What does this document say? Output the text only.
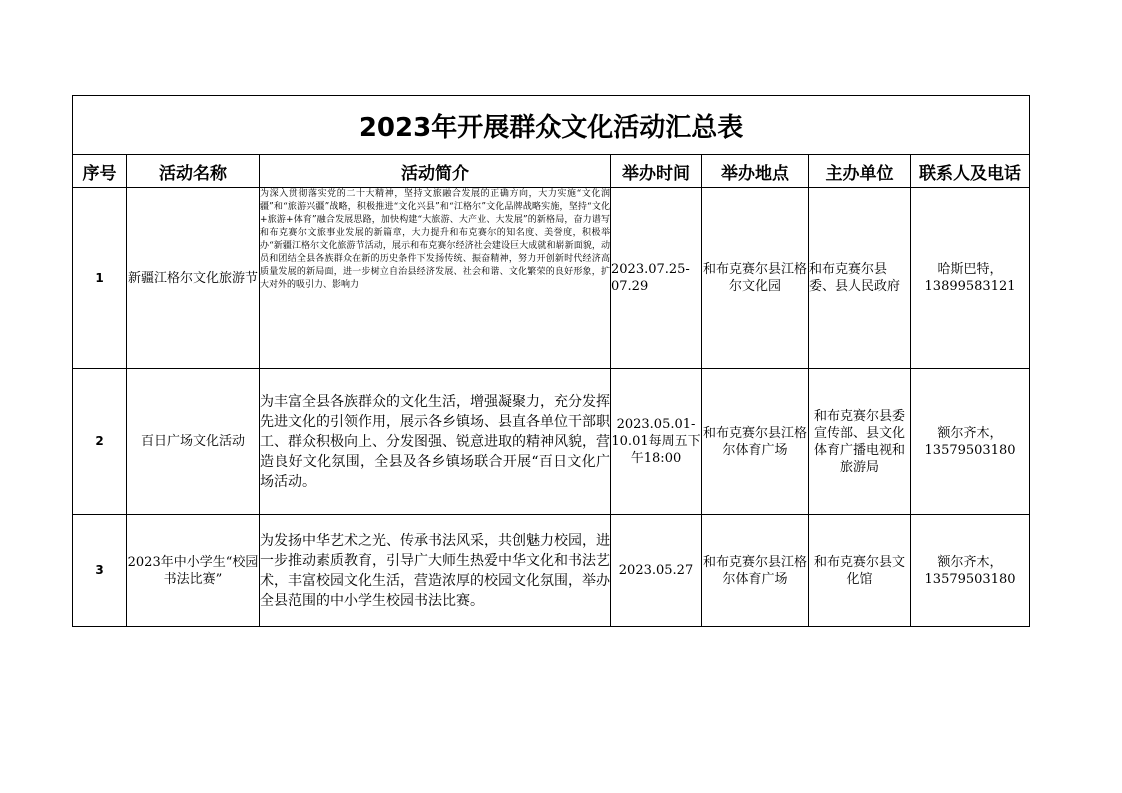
2023年开展群众文化活动汇总表						
序号	活动名称	活动简介	举办时间	举办地点	主办单位	联系人及电话
1	新疆江格尔文化旅游节	为深入贯彻落实党的二十大精神，坚持文旅融合发展的正确方向，大力实施“文化润疆”和“旅游兴疆”战略，积极推进“文化兴县”和“江格尔”文化品牌战略实施，坚持“文化+旅游+体育”融合发展思路，加快构建“大旅游、大产业、大发展”的新格局，奋力谱写和布克赛尔文旅事业发展的新篇章，大力提升和布克赛尔的知名度、美誉度，积极举办“新疆江格尔文化旅游节活动，展示和布克赛尔经济社会建设巨大成就和崭新面貌，动员和团结全县各族群众在新的历史条件下发扬传统、振奋精神，努力开创新时代经济高质量发展的新局面，进一步树立自治县经济发展、社会和谐、文化繁荣的良好形象，扩大对外的吸引力、影响力	2023.07.25-07.29	和布克赛尔县江格尔文化园	和布克赛尔县委、县人民政府	哈斯巴特，13899583121
2	百日广场文化活动	为丰富全县各族群众的文化生活，增强凝聚力，充分发挥先进文化的引领作用，展示各乡镇场、县直各单位干部职工、群众积极向上、分发图强、锐意进取的精神风貌，营造良好文化氛围，全县及各乡镇场联合开展“百日文化广场活动。	2023.05.01-10.01每周五下午18:00	和布克赛尔县江格尔体育广场	和布克赛尔县委宣传部、县文化体育广播电视和旅游局	额尔齐木，13579503180
3	2023年中小学生“校园书法比赛”	为发扬中华艺术之光、传承书法风采，共创魅力校园，进一步推动素质教育，引导广大师生热爱中华文化和书法艺术，丰富校园文化生活，营造浓厚的校园文化氛围，举办全县范围的中小学生校园书法比赛。	2023.05.27	和布克赛尔县江格尔体育广场	和布克赛尔县文化馆	额尔齐木，13579503180
